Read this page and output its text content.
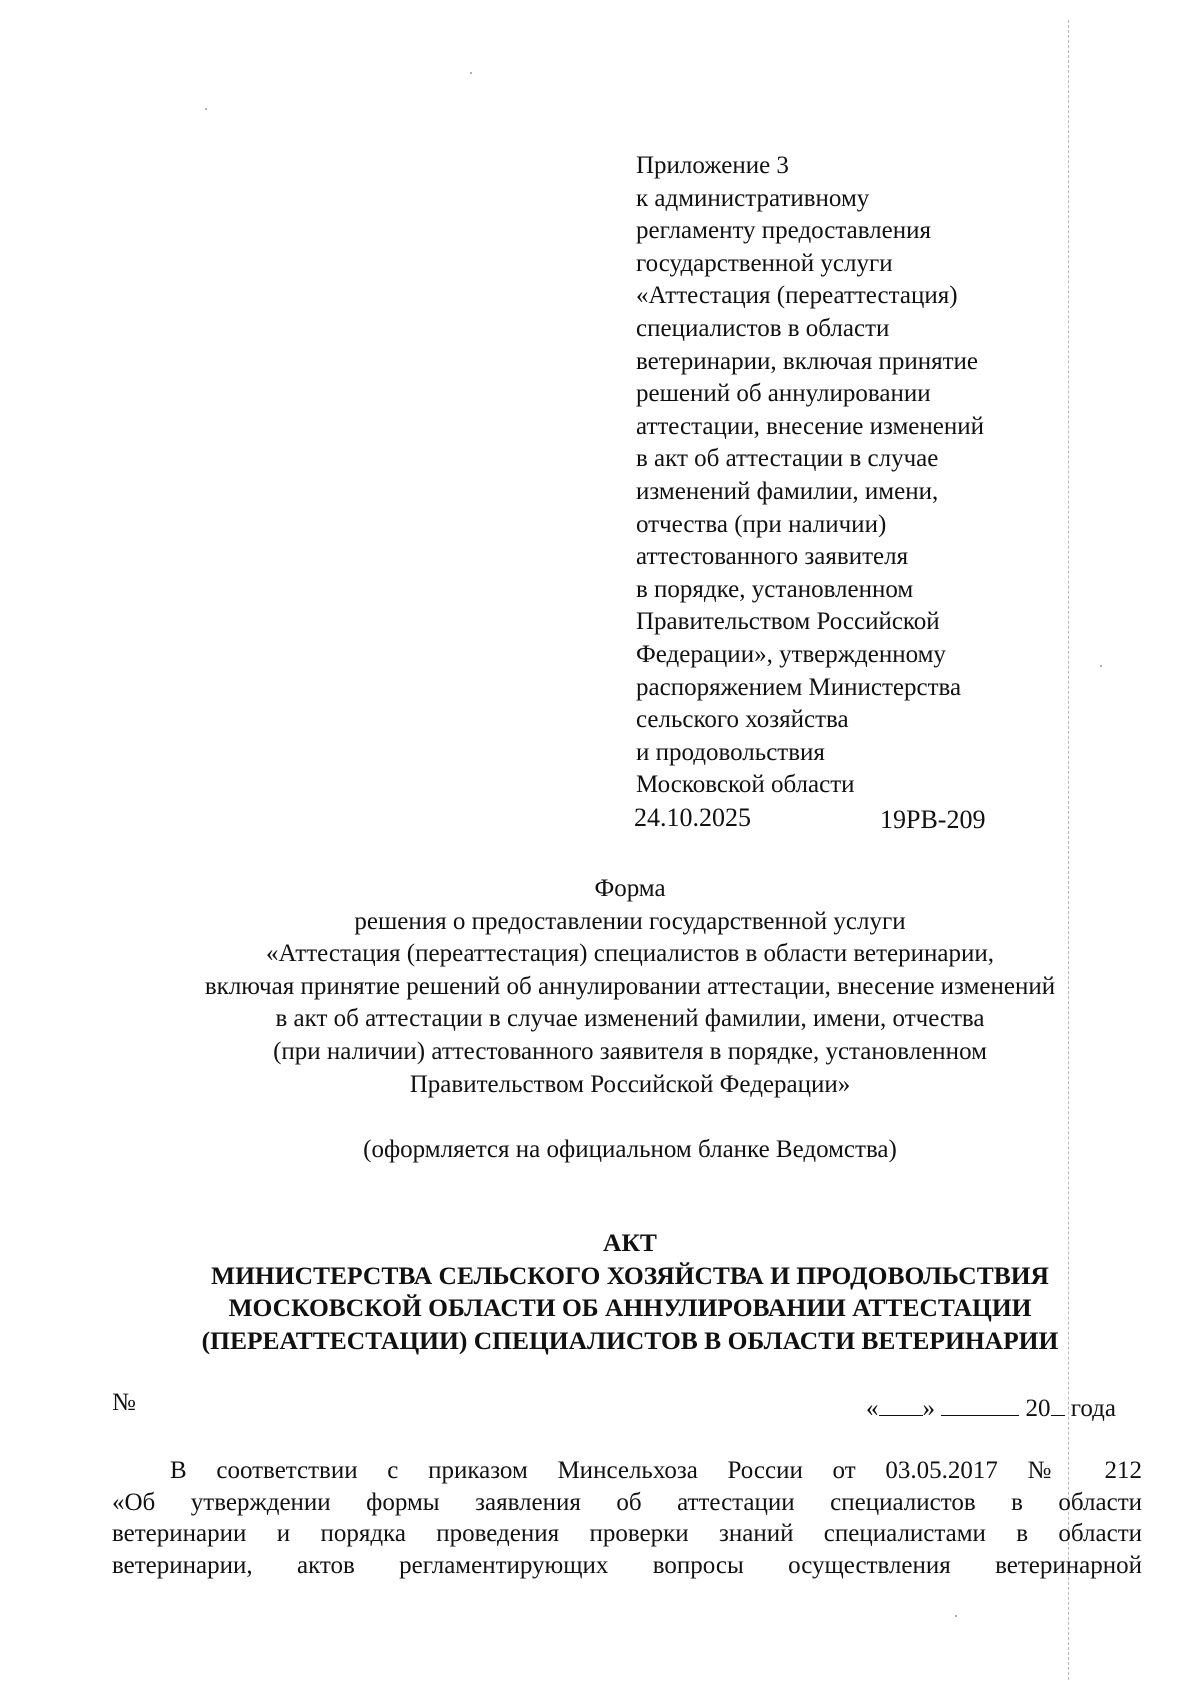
Приложение 3
к административному
регламенту предоставления
государственной услуги
«Аттестация (переаттестация)
специалистов в области
ветеринарии, включая принятие
решений об аннулировании
аттестации, внесение изменений
в акт об аттестации в случае
изменений фамилии, имени,
отчества (при наличии)
аттестованного заявителя
в порядке, установленном
Правительством Российской
Федерации», утвержденному
распоряжением Министерства
сельского хозяйства
и продовольствия
Московской области
24.10.2025	19РВ-209
Форма
решения о предоставлении государственной услуги
«Аттестация (переаттестация) специалистов в области ветеринарии,
включая принятие решений об аннулировании аттестации, внесение изменений
в акт об аттестации в случае изменений фамилии, имени, отчества
(при наличии) аттестованного заявителя в порядке, установленном
Правительством Российской Федерации»
(оформляется на официальном бланке Ведомства)
АКТ
МИНИСТЕРСТВА СЕЛЬСКОГО ХОЗЯЙСТВА И ПРОДОВОЛЬСТВИЯ
МОСКОВСКОЙ ОБЛАСТИ ОБ АННУЛИРОВАНИИ АТТЕСТАЦИИ
(ПЕРЕАТТЕСТАЦИИ) СПЕЦИАЛИСТОВ В ОБЛАСТИ ВЕТЕРИНАРИИ
№	« »	20 года
В соответствии с приказом Минсельхоза России от 03.05.2017 № 212
«Об утверждении формы заявления об аттестации специалистов в области
ветеринарии и порядка проведения проверки знаний специалистами в области
ветеринарии, актов регламентирующих вопросы осуществления ветеринарной
